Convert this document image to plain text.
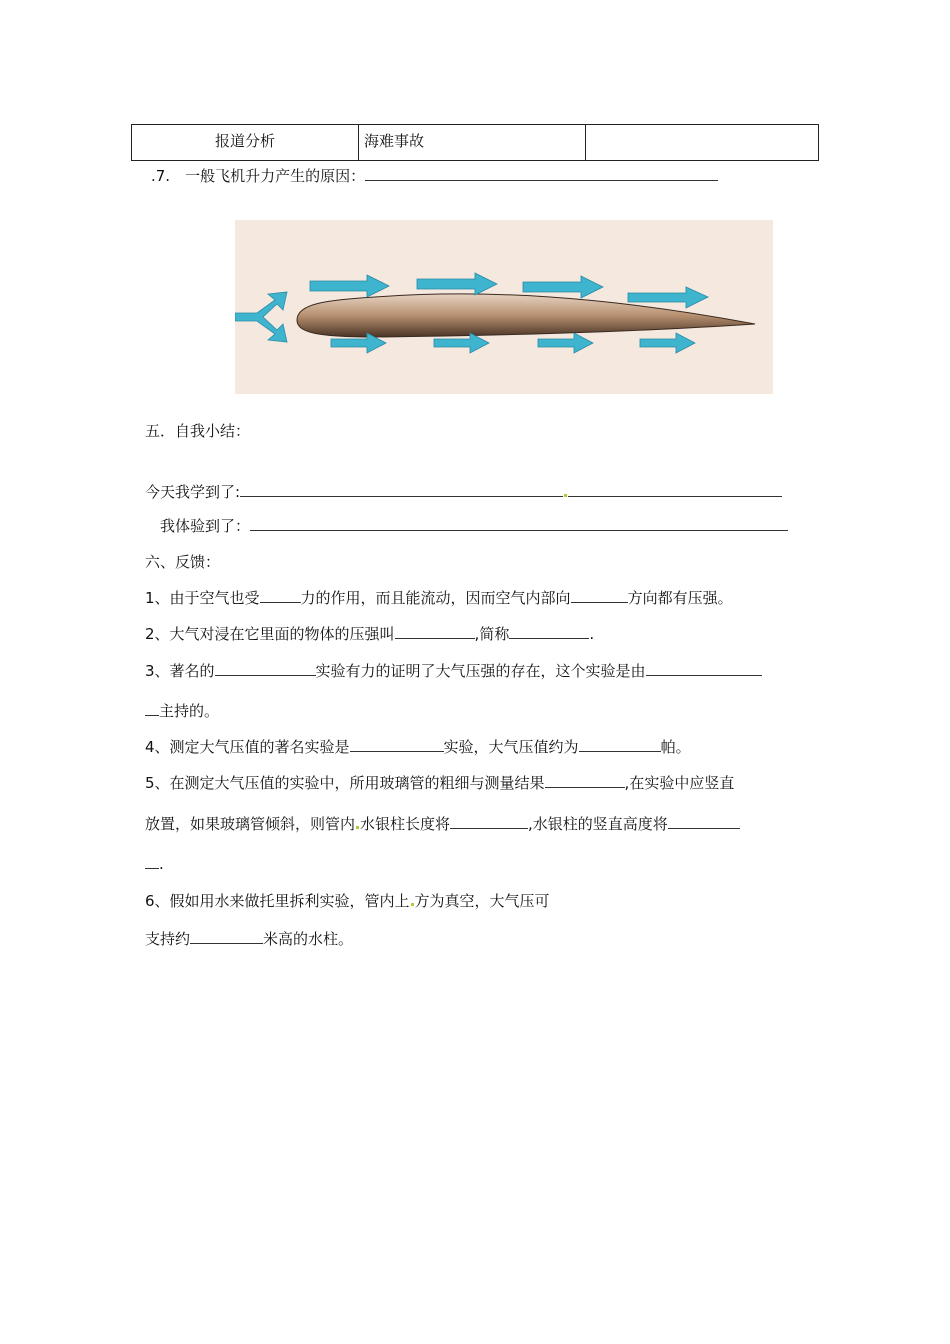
报道分析	海难事故
.7.　一般飞机升力产生的原因：
五．自我小结：
今天我学到了:
我体验到了：
六、反馈：
1、由于空气也受	力的作用，而且能流动，因而空气内部向	方向都有压强。
2、大气对浸在它里面的物体的压强叫	,简称	.
3、著名的	实验有力的证明了大气压强的存在，这个实验是由
主持的。
4、测定大气压值的著名实验是	实验，大气压值约为	帕。
5、在测定大气压值的实验中，所用玻璃管的粗细与测量结果	,在实验中应竖直
放置，如果玻璃管倾斜，则管内 水银柱长度将	,水银柱的竖直高度将
.
6、假如用水来做托里拆利实验，管内上 方为真空，大气压可
支持约	米高的水柱。
